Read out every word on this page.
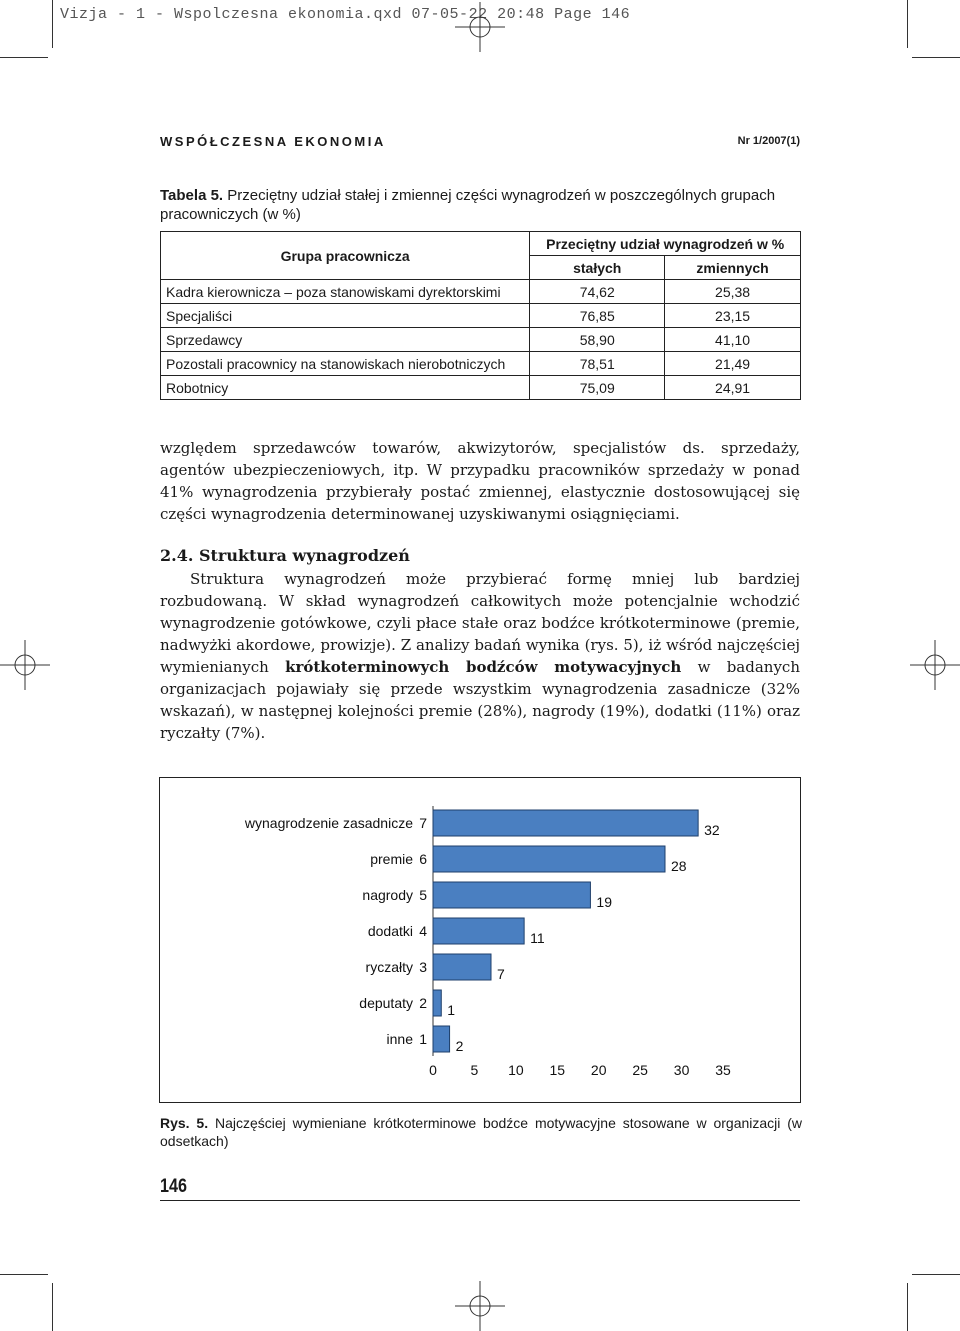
Vizja - 1 - Wspolczesna ekonomia.qxd 07-05-22 20:48 Page 146
WSPÓŁCZESNA EKONOMIA	Nr 1/2007(1)
Tabela 5. Przeciętny udział stałej i zmiennej części wynagrodzeń w poszczególnych grupach pracowniczych (w %)
Grupa pracownicza	Przeciętny udział wynagrodzeń w %	
	stałych	zmiennych
Kadra kierownicza – poza stanowiskami dyrektorskimi	74,62	25,38
Specjaliści	76,85	23,15
Sprzedawcy	58,90	41,10
Pozostali pracownicy na stanowiskach nierobotniczych	78,51	21,49
Robotnicy	75,09	24,91
względem sprzedawców towarów, akwizytorów, specjalistów ds. sprzedaży, agentów ubezpieczeniowych, itp. W przypadku pracowników sprzedaży w ponad 41% wynagrodzenia przybierały postać zmiennej, elastycznie dostosowującej się części wynagrodzenia determinowanej uzyskiwanymi osiągnięciami.
2.4. Struktura wynagrodzeń
Struktura wynagrodzeń może przybierać formę mniej lub bardziej rozbudowaną. W skład wynagrodzeń całkowitych może potencjalnie wchodzić wynagrodzenie gotówkowe, czyli płace stałe oraz bodźce krótkoterminowe (premie, nadwyżki akordowe, prowizje). Z analizy badań wynika (rys. 5), iż wśród najczęściej wymienianych krótkoterminowych bodźców motywacyjnych w badanych organizacjach pojawiały się przede wszystkim wynagrodzenia zasadnicze (32% wskazań), w następnej kolejności premie (28%), nagrody (19%), dodatki (11%) oraz ryczałty (7%).
wynagrodzenie zasadnicze 7	32
premie 6	28
nagrody 5	19
dodatki 4	11
ryczałty 3	7
deputaty 2 1
inne 1 2
0 5 10 15 20 25 30 35
Rys. 5. Najczęściej wymieniane krótkoterminowe bodźce motywacyjne stosowane w organizacji (w odsetkach)
146
